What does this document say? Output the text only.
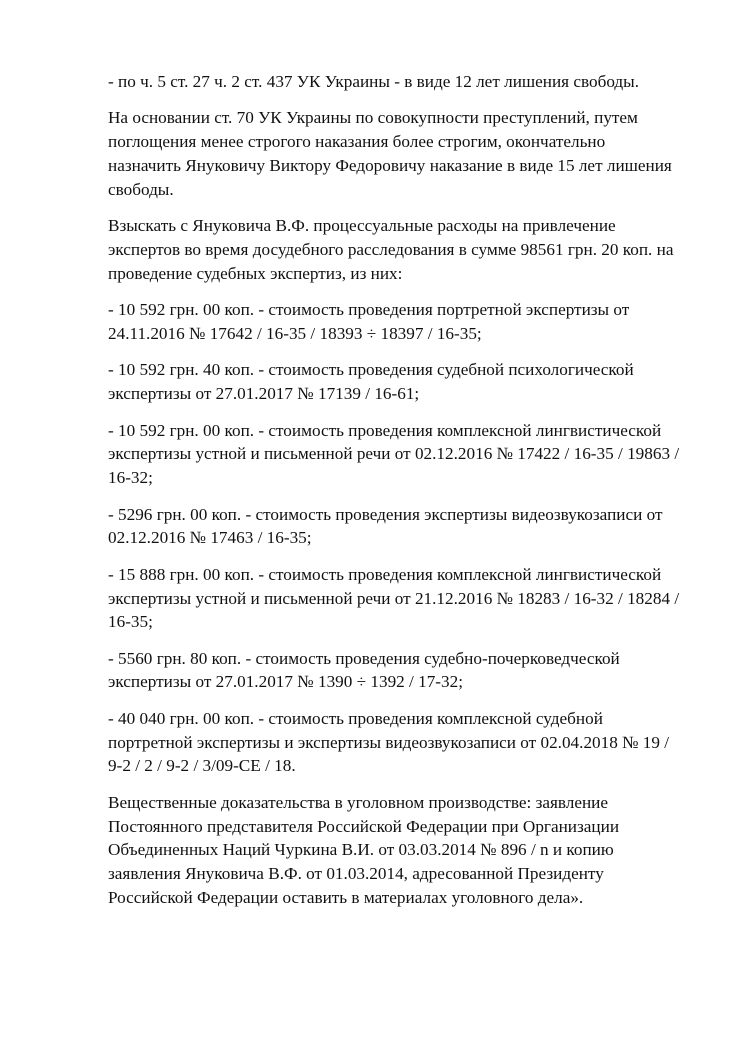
- по ч. 5 ст. 27 ч. 2 ст. 437 УК Украины - в виде 12 лет лишения свободы.

На основании ст. 70 УК Украины по совокупности преступлений, путем
поглощения менее строгого наказания более строгим, окончательно
назначить Януковичу Виктору Федоровичу наказание в виде 15 лет лишения
свободы.

Взыскать с Януковича В.Ф. процессуальные расходы на привлечение
экспертов во время досудебного расследования в сумме 98561 грн. 20 коп. на
проведение судебных экспертиз, из них:

- 10 592 грн. 00 коп. - стоимость проведения портретной экспертизы от
24.11.2016 № 17642 / 16-35 / 18393 ÷ 18397 / 16-35;

- 10 592 грн. 40 коп. - стоимость проведения судебной психологической
экспертизы от 27.01.2017 № 17139 / 16-61;

- 10 592 грн. 00 коп. - стоимость проведения комплексной лингвистической
экспертизы устной и письменной речи от 02.12.2016 № 17422 / 16-35 / 19863 /
16-32;

- 5296 грн. 00 коп. - стоимость проведения экспертизы видеозвукозаписи от
02.12.2016 № 17463 / 16-35;

- 15 888 грн. 00 коп. - стоимость проведения комплексной лингвистической
экспертизы устной и письменной речи от 21.12.2016 № 18283 / 16-32 / 18284 /
16-35;

- 5560 грн. 80 коп. - стоимость проведения судебно-почерковедческой
экспертизы от 27.01.2017 № 1390 ÷ 1392 / 17-32;

- 40 040 грн. 00 коп. - стоимость проведения комплексной судебной
портретной экспертизы и экспертизы видеозвукозаписи от 02.04.2018 № 19 /
9-2 / 2 / 9-2 / 3/09-СЕ / 18.

Вещественные доказательства в уголовном производстве: заявление
Постоянного представителя Российской Федерации при Организации
Объединенных Наций Чуркина В.И. от 03.03.2014 № 896 / n и копию
заявления Януковича В.Ф. от 01.03.2014, адресованной Президенту
Российской Федерации оставить в материалах уголовного дела».
